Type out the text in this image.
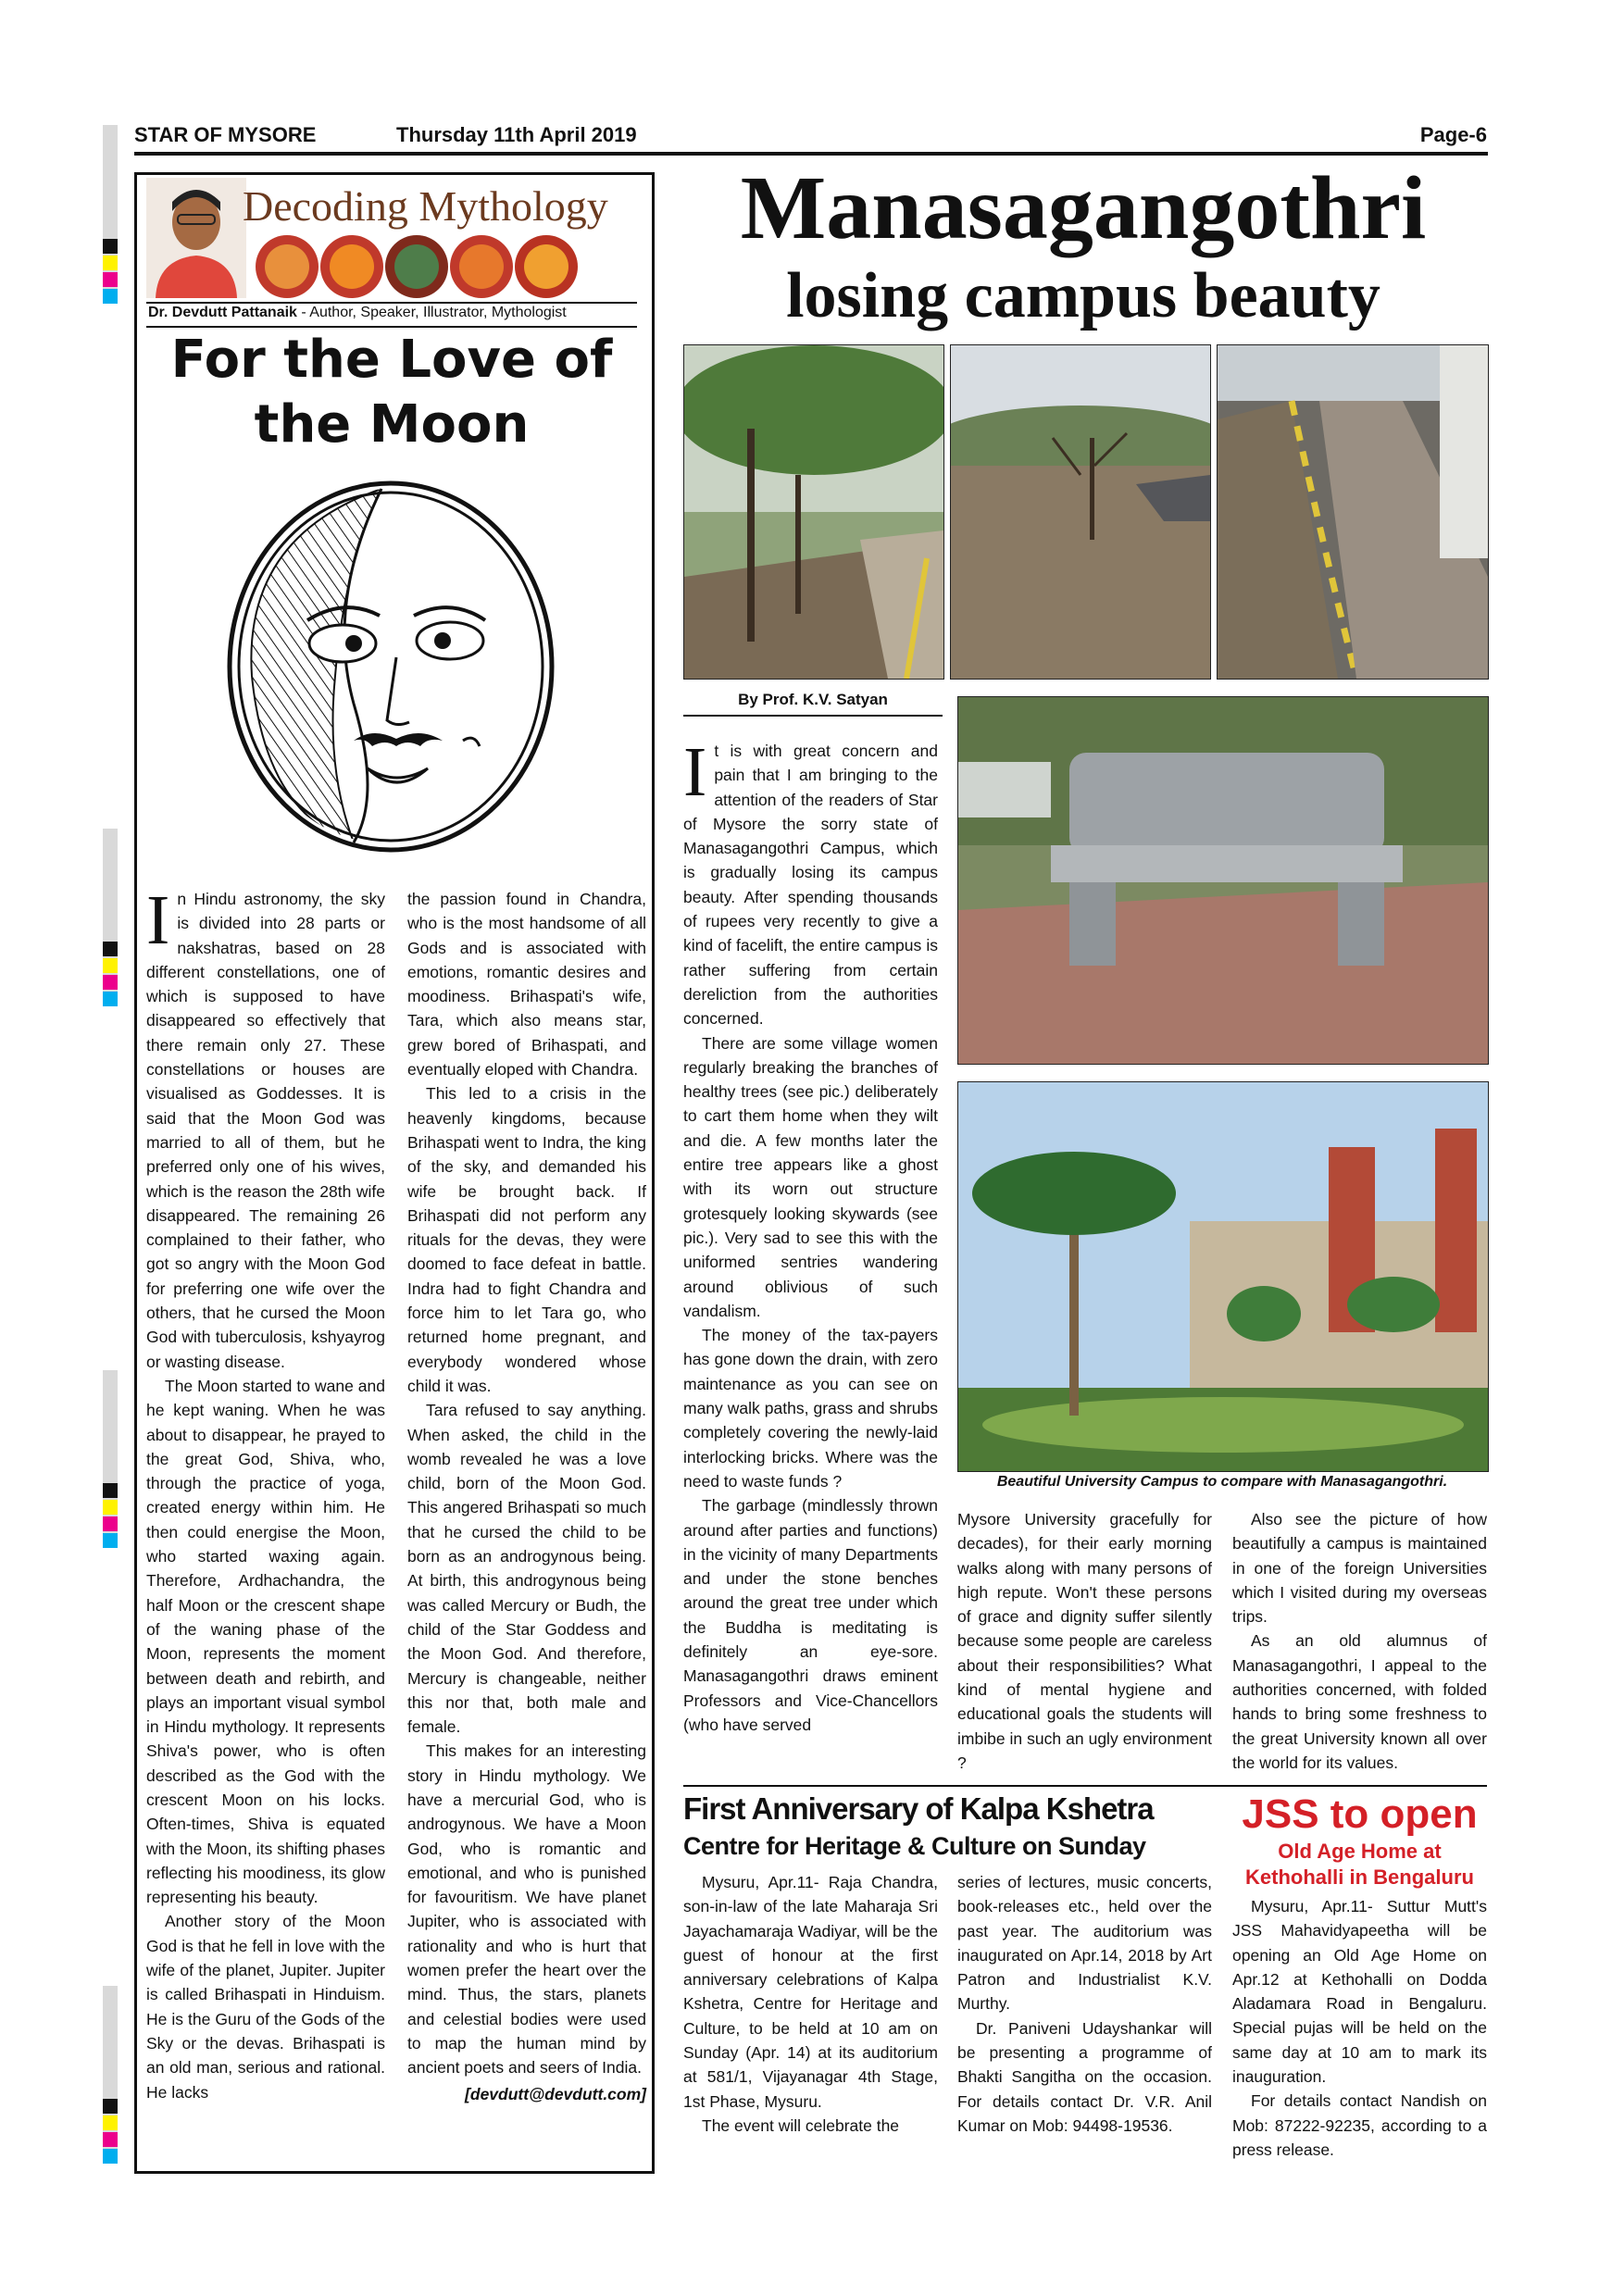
STAR OF MYSORE	Thursday 11th April 2019	Page-6
Decoding Mythology
Dr. Devdutt Pattanaik - Author, Speaker, Illustrator, Mythologist
For the Love of the Moon

In Hindu astronomy, the sky is divided into 28 parts or nakshatras, based on 28 different constellations, one of which is supposed to have disappeared so effectively that there remain only 27. These constellations or houses are visualised as Goddesses. It is said that the Moon God was married to all of them, but he preferred only one of his wives, which is the reason the 28th wife disappeared. The remaining 26 complained to their father, who got so angry with the Moon God for preferring one wife over the others, that he cursed the Moon God with tuberculosis, kshyayrog or wasting disease.

The Moon started to wane and he kept waning. When he was about to disappear, he prayed to the great God, Shiva, who, through the practice of yoga, created energy within him. He then could energise the Moon, who started waxing again. Therefore, Ardhachandra, the half Moon or the crescent shape of the waning phase of the Moon, represents the moment between death and rebirth, and plays an important visual symbol in Hindu mythology. It represents Shiva's power, who is often described as the God with the crescent Moon on his locks. Often-times, Shiva is equated with the Moon, its shifting phases reflecting his moodiness, its glow representing his beauty.

Another story of the Moon God is that he fell in love with the wife of the planet, Jupiter. Jupiter is called Brihaspati in Hinduism. He is the Guru of the Gods of the Sky or the devas. Brihaspati is an old man, serious and rational. He lacks

the passion found in Chandra, who is the most handsome of all Gods and is associated with emotions, romantic desires and moodiness. Brihaspati's wife, Tara, which also means star, grew bored of Brihaspati, and eventually eloped with Chandra.

This led to a crisis in the heavenly kingdoms, because Brihaspati went to Indra, the king of the sky, and demanded his wife be brought back. If Brihaspati did not perform any rituals for the devas, they were doomed to face defeat in battle. Indra had to fight Chandra and force him to let Tara go, who returned home pregnant, and everybody wondered whose child it was.

Tara refused to say anything. When asked, the child in the womb revealed he was a love child, born of the Moon God. This angered Brihaspati so much that he cursed the child to be born as an androgynous being. At birth, this androgynous being was called Mercury or Budh, the child of the Star Goddess and the Moon God. And therefore, Mercury is changeable, neither this nor that, both male and female.

This makes for an interesting story in Hindu mythology. We have a mercurial God, who is androgynous. We have a Moon God, who is romantic and emotional, and who is punished for favouritism. We have planet Jupiter, who is associated with rationality and who is hurt that women prefer the heart over the mind. Thus, the stars, planets and celestial bodies were used to map the human mind by ancient poets and seers of India.

[devdutt@devdutt.com]
Manasagangothri
losing campus beauty
By Prof. K.V. Satyan
Beautiful University Campus to compare with Manasagangothri.

It is with great concern and pain that I am bringing to the attention of the readers of Star of Mysore the sorry state of Manasagangothri Campus, which is gradually losing its campus beauty. After spending thousands of rupees very recently to give a kind of facelift, the entire campus is rather suffering from certain dereliction from the authorities concerned.

There are some village women regularly breaking the branches of healthy trees (see pic.) deliberately to cart them home when they wilt and die. A few months later the entire tree appears like a ghost with its worn out structure grotesquely looking skywards (see pic.). Very sad to see this with the uniformed sentries wandering around oblivious of such vandalism.

The money of the tax-payers has gone down the drain, with zero maintenance as you can see on many walk paths, grass and shrubs completely covering the newly-laid interlocking bricks. Where was the need to waste funds ?

The garbage (mindlessly thrown around after parties and functions) in the vicinity of many Departments and under the stone benches around the great tree under which the Buddha is meditating is definitely an eye-sore. Manasagangothri draws eminent Professors and Vice-Chancellors (who have served

Mysore University gracefully for decades), for their early morning walks along with many persons of high repute. Won't these persons of grace and dignity suffer silently because some people are careless about their responsibilities? What kind of mental hygiene and educational goals the students will imbibe in such an ugly environment ?

Also see the picture of how beautifully a campus is maintained in one of the foreign Universities which I visited during my overseas trips.

As an old alumnus of Manasagangothri, I appeal to the authorities concerned, with folded hands to bring some freshness to the great University known all over the world for its values.

First Anniversary of Kalpa Kshetra
Centre for Heritage & Culture on Sunday

Mysuru, Apr.11- Raja Chandra, son-in-law of the late Maharaja Sri Jayachamaraja Wadiyar, will be the guest of honour at the first anniversary celebrations of Kalpa Kshetra, Centre for Heritage and Culture, to be held at 10 am on Sunday (Apr. 14) at its auditorium at 581/1, Vijayanagar 4th Stage, 1st Phase, Mysuru.

The event will celebrate the

series of lectures, music concerts, book-releases etc., held over the past year. The auditorium was inaugurated on Apr.14, 2018 by Art Patron and Industrialist K.V. Murthy.

Dr. Paniveni Udayshankar will be presenting a programme of Bhakti Sangitha on the occasion. For details contact Dr. V.R. Anil Kumar on Mob: 94498-19536.

JSS to open
Old Age Home at
Kethohalli in Bengaluru

Mysuru, Apr.11- Suttur Mutt's JSS Mahavidyapeetha will be opening an Old Age Home on Apr.12 at Kethohalli on Dodda Aladamara Road in Bengaluru. Special pujas will be held on the same day at 10 am to mark its inauguration.

For details contact Nandish on Mob: 87222-92235, according to a press release.
